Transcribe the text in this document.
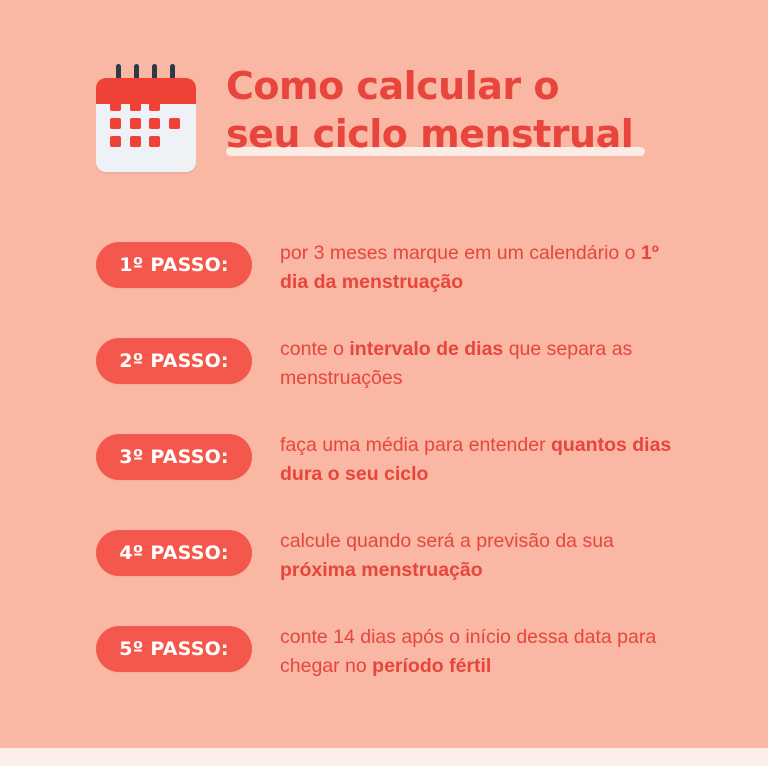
Como calcular o
seu ciclo menstrual
1º PASSO:
por 3 meses marque em um calendário o 1º dia da menstruação
2º PASSO:
conte o intervalo de dias que separa as menstruações
3º PASSO:
faça uma média para entender quantos dias dura o seu ciclo
4º PASSO:
calcule quando será a previsão da sua próxima menstruação
5º PASSO:
conte 14 dias após o início dessa data para chegar no período fértil
